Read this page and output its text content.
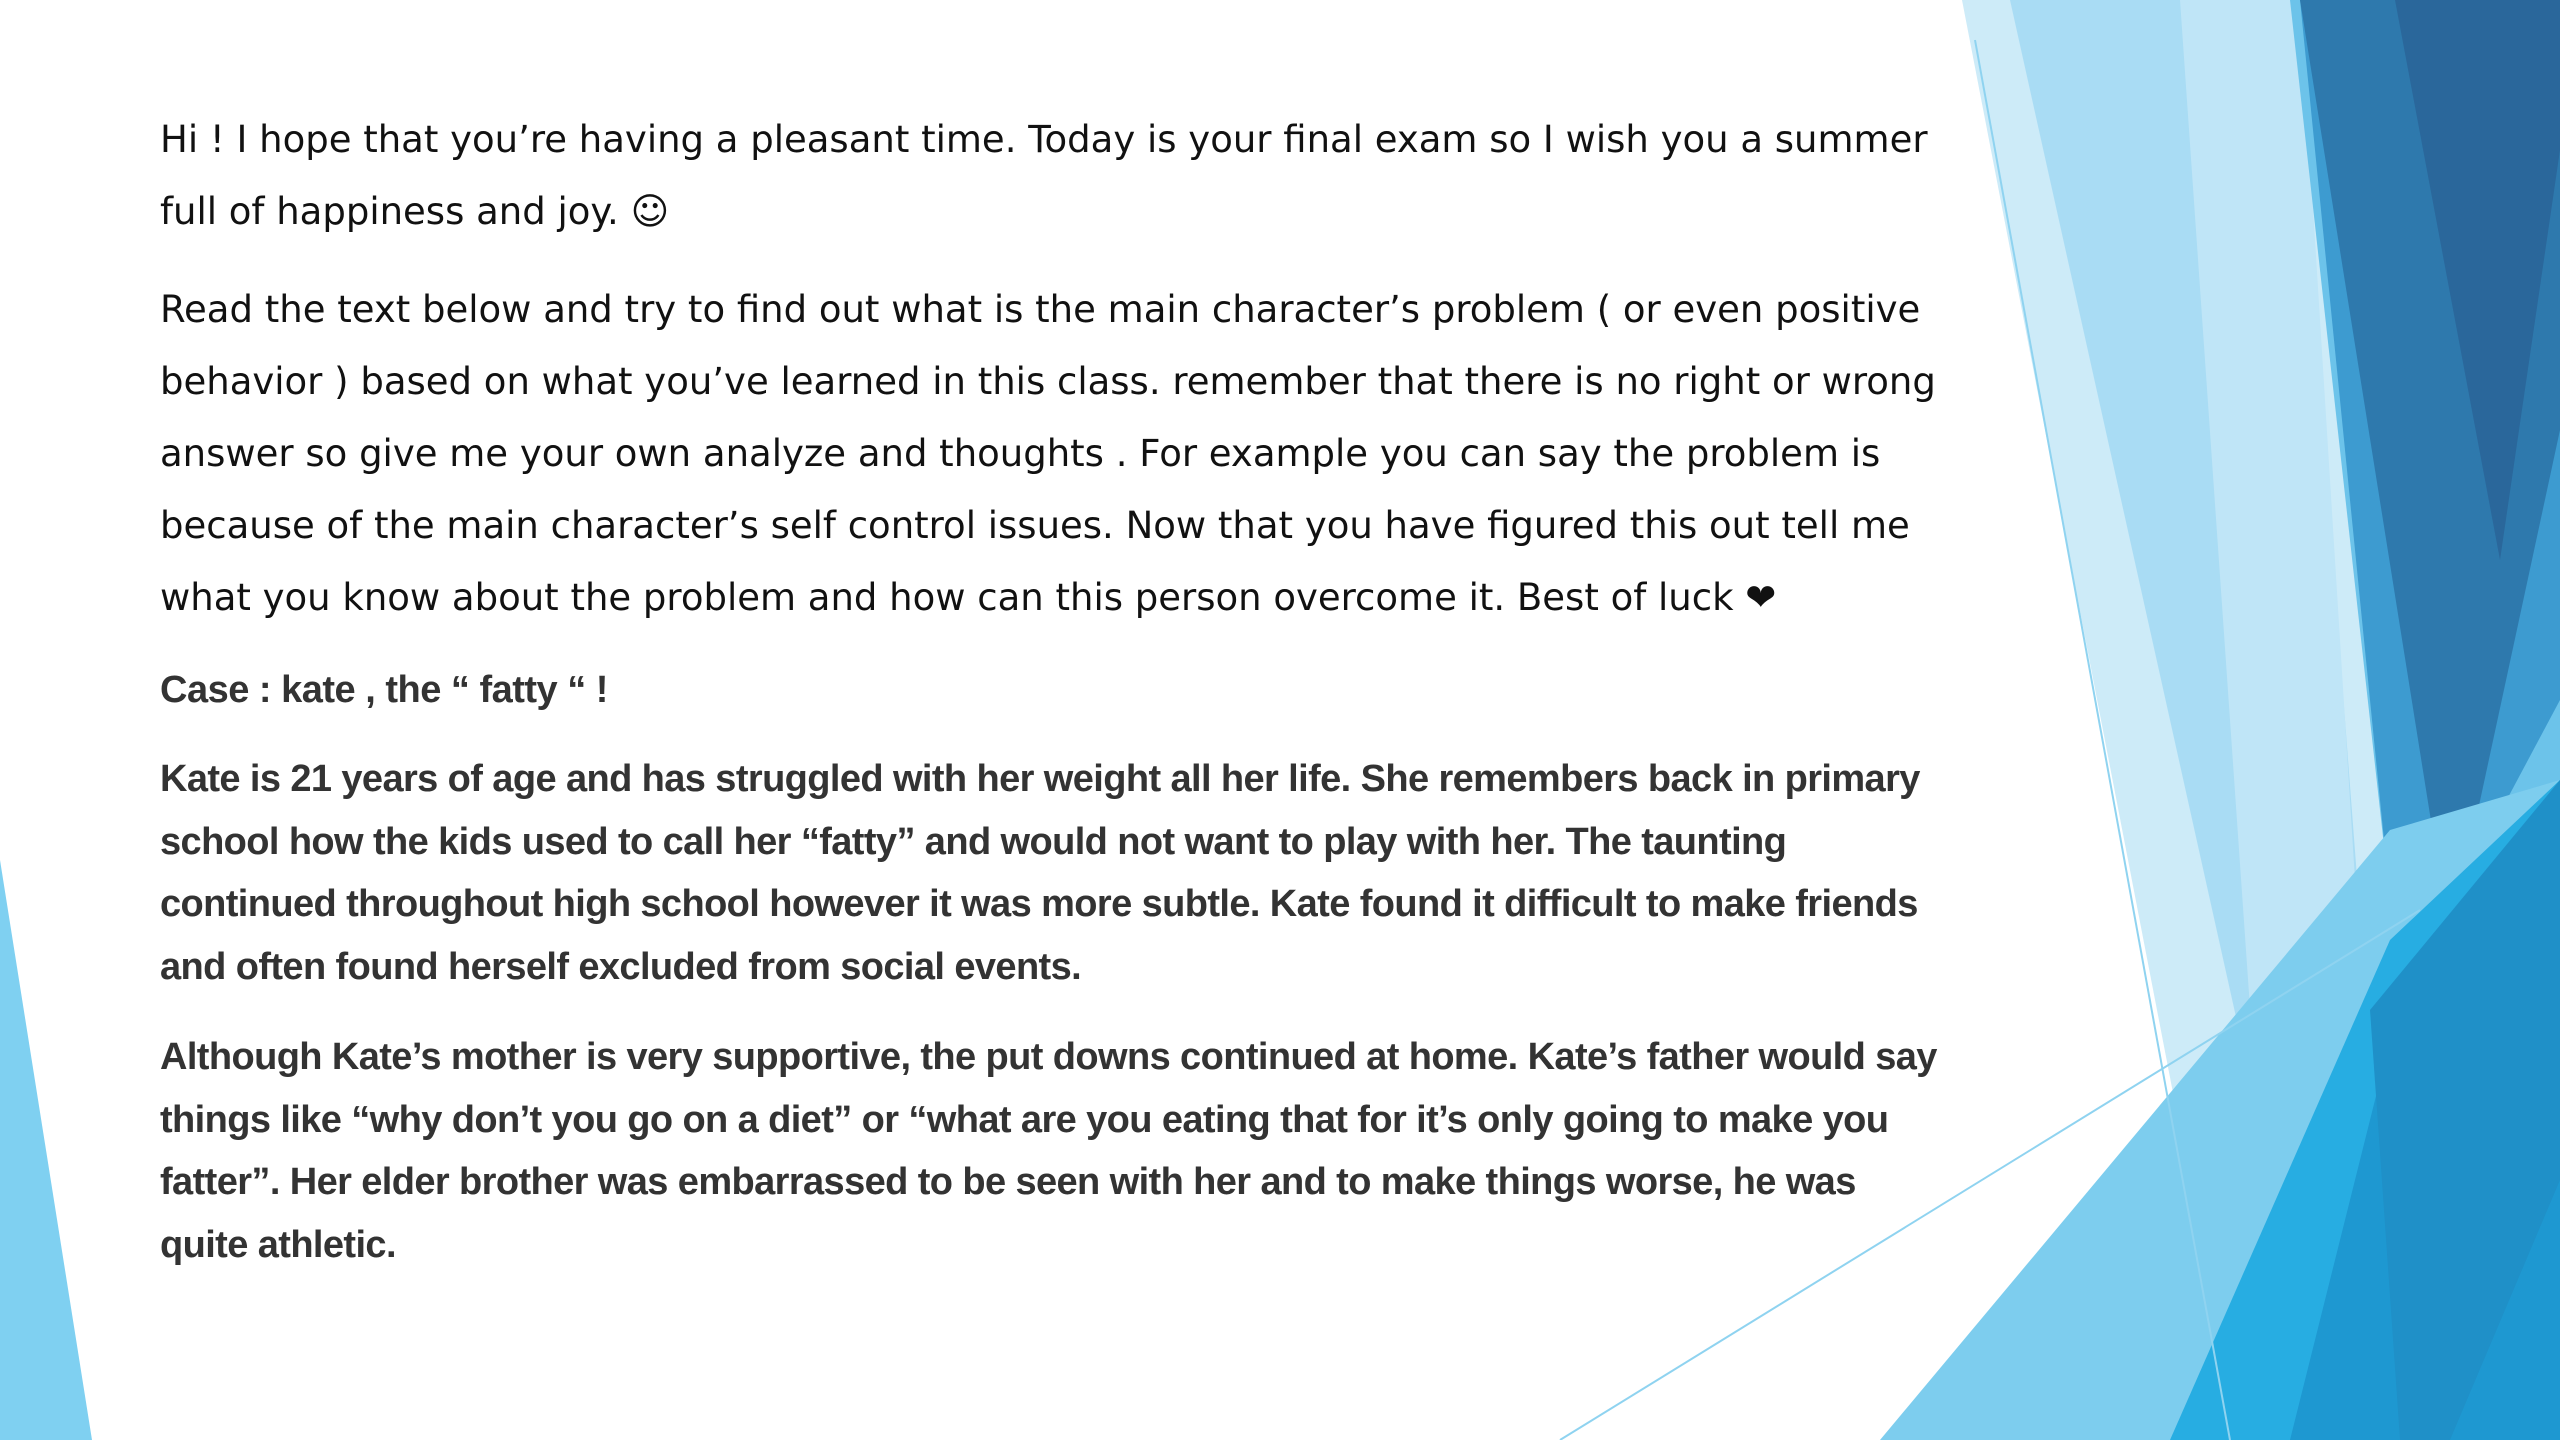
Hi ! I hope that you’re having a pleasant time. Today is your final exam so I wish you a summer full of happiness and joy. ☺

Read the text below and try to find out what is the main character’s problem ( or even positive behavior ) based on what you’ve learned in this class. remember that there is no right or wrong answer so give me your own analyze and thoughts . For example you can say the problem is because of the main character’s self control issues. Now that you have figured this out tell me what you know about the problem and how can this person overcome it. Best of luck ❤

Case : kate , the “ fatty “ !

Kate is 21 years of age and has struggled with her weight all her life. She remembers back in primary school how the kids used to call her “fatty” and would not want to play with her. The taunting continued throughout high school however it was more subtle. Kate found it difficult to make friends and often found herself excluded from social events.

Although Kate’s mother is very supportive, the put downs continued at home. Kate’s father would say things like “why don’t you go on a diet” or “what are you eating that for it’s only going to make you fatter”. Her elder brother was embarrassed to be seen with her and to make things worse, he was quite athletic.
